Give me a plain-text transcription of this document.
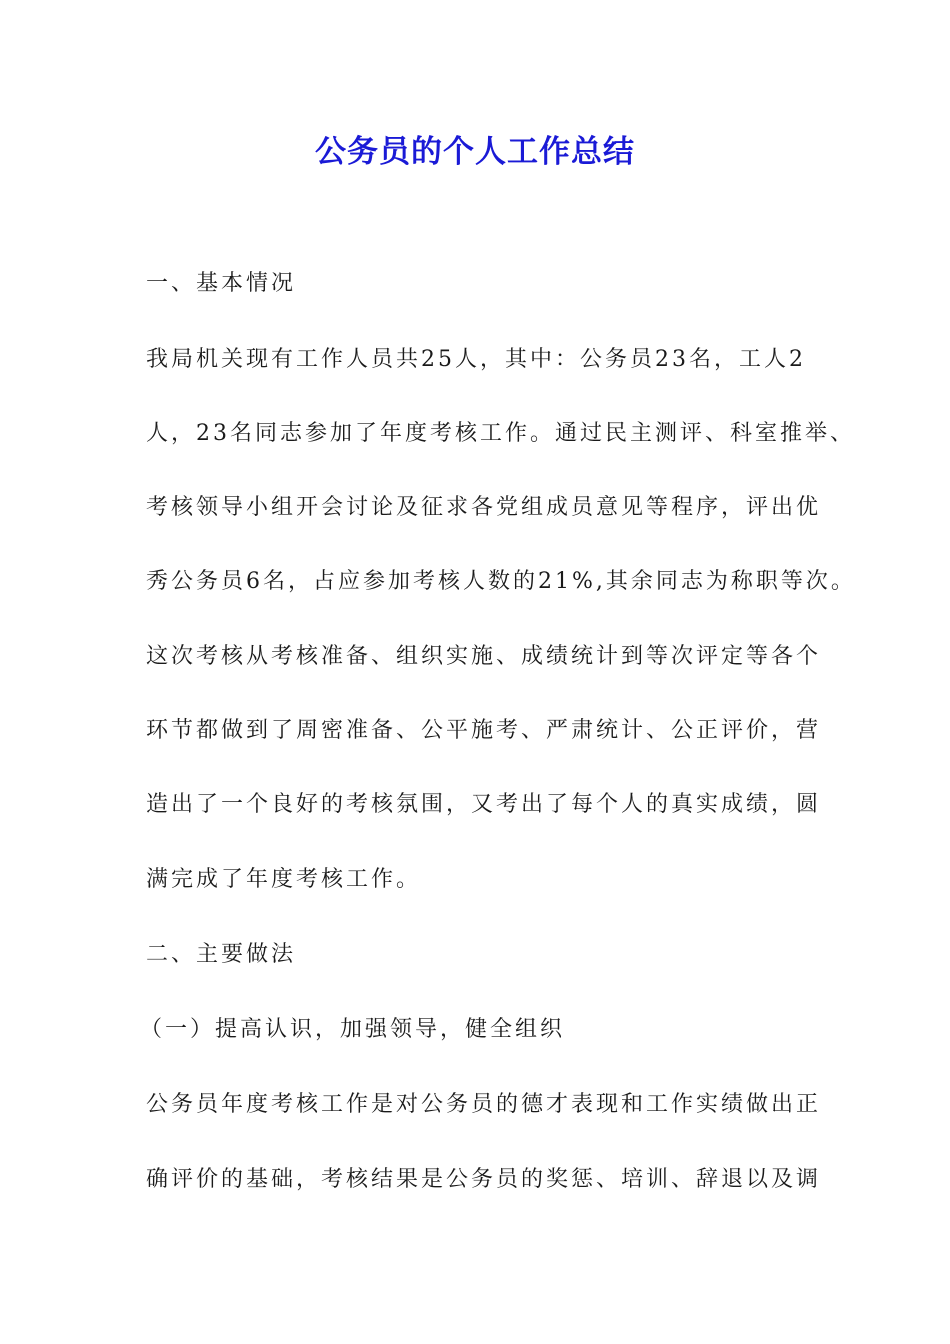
公务员的个人工作总结
一、基本情况
我局机关现有工作人员共25人，其中：公务员23名，工人2
人，23名同志参加了年度考核工作。通过民主测评、科室推举、
考核领导小组开会讨论及征求各党组成员意见等程序，评出优
秀公务员6名，占应参加考核人数的21%,其余同志为称职等次。
这次考核从考核准备、组织实施、成绩统计到等次评定等各个
环节都做到了周密准备、公平施考、严肃统计、公正评价，营
造出了一个良好的考核氛围，又考出了每个人的真实成绩，圆
满完成了年度考核工作。
二、主要做法
（一）提高认识，加强领导，健全组织
公务员年度考核工作是对公务员的德才表现和工作实绩做出正
确评价的基础，考核结果是公务员的奖惩、培训、辞退以及调
